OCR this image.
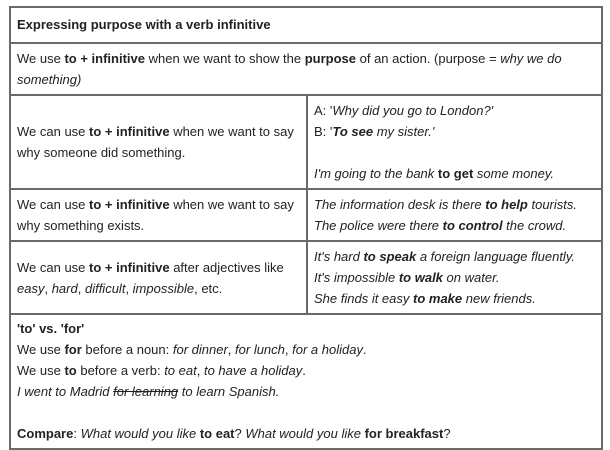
Expressing purpose with a verb infinitive	

We use to + infinitive when we want to show the purpose of an action. (purpose = why we do something)	

We can use to + infinitive when we want to say why someone did something.	A: 'Why did you go to London?'
B: 'To see my sister.'

I'm going to the bank to get some money.

We can use to + infinitive when we want to say why something exists.	The information desk is there to help tourists.
The police were there to control the crowd.

We can use to + infinitive after adjectives like easy, hard, difficult, impossible, etc.	It's hard to speak a foreign language fluently.
It's impossible to walk on water.
She finds it easy to make new friends.

'to' vs. 'for'
We use for before a noun: for dinner, for lunch, for a holiday.
We use to before a verb: to eat, to have a holiday.
I went to Madrid for learning to learn Spanish.

Compare: What would you like to eat? What would you like for breakfast?	
